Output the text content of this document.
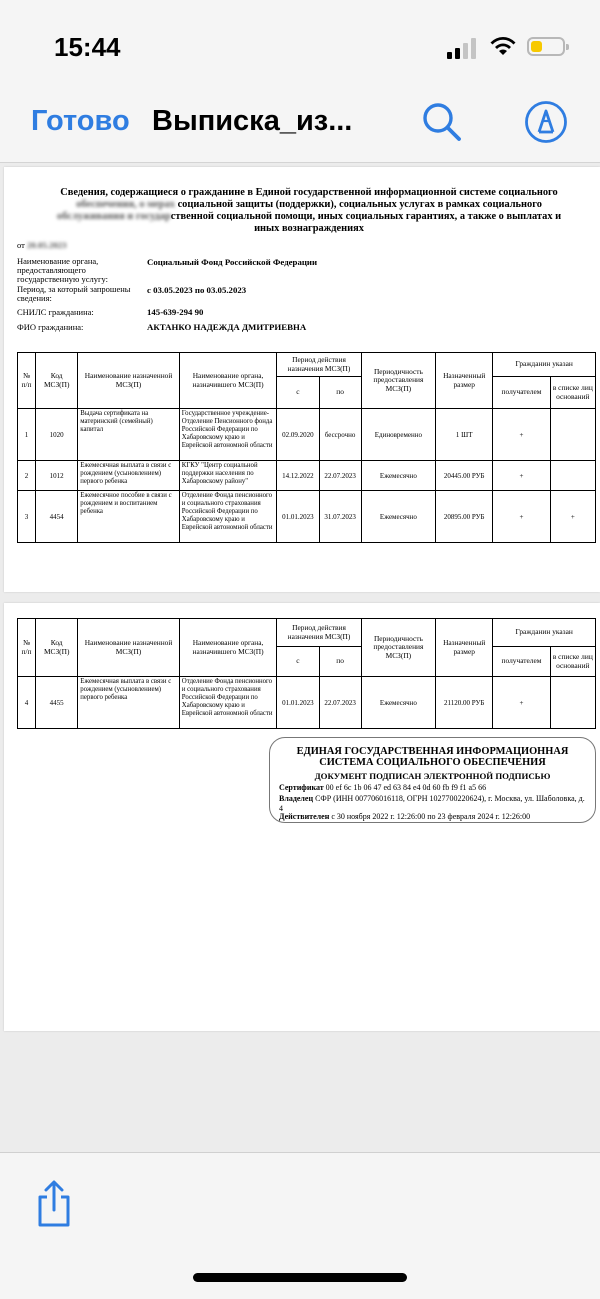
15:44
Готово Выписка_из...
Сведения, содержащиеся о гражданине в Единой государственной информационной системе социального
обеспечения, о мерах социальной защиты (поддержки), социальных услугах в рамках социального
обслуживания и государственной социальной помощи, иных социальных гарантиях, а также о выплатах и
иных вознаграждениях
от 20.05.2023
Наименование органа, предоставляющего государственную услугу:
Социальный Фонд Российской Федерации
Период, за который запрошены сведения:
с 03.05.2023 по 03.05.2023
СНИЛС гражданина:	145-639-294 90
ФИО гражданина:	АКТАНКО НАДЕЖДА ДМИТРИЕВНА
№ п/п	Код МСЗ(П)	Наименование назначенной МСЗ(П)	Наименование органа, назначившего МСЗ(П)	Период действия назначения МСЗ(П)		Периодичность предоставления МСЗ(П)	Назначенный размер	Гражданин указан	
				с	по			получателем	в списке лиц оснований
1	1020	Выдача сертификата на материнский (семейный) капитал	Государственное учреждение-Отделение Пенсионного фонда Российской Федерации по Хабаровскому краю и Еврейской автономной области	02.09.2020	бессрочно	Единовременно	1 ШТ	+	
2	1012	Ежемесячная выплата в связи с рождением (усыновлением) первого ребенка	КГКУ "Центр социальной поддержки населения по Хабаровскому району"	14.12.2022	22.07.2023	Ежемесячно	20445.00 РУБ	+	
3	4454	Ежемесячное пособие в связи с рождением и воспитанием ребенка	Отделение Фонда пенсионного и социального страхования Российской Федерации по Хабаровскому краю и Еврейской автономной области	01.01.2023	31.07.2023	Ежемесячно	20895.00 РУБ	+	+
№ п/п	Код МСЗ(П)	Наименование назначенной МСЗ(П)	Наименование органа, назначившего МСЗ(П)	Период действия назначения МСЗ(П)		Периодичность предоставления МСЗ(П)	Назначенный размер	Гражданин указан	
				с	по			получателем	в списке лиц оснований
4	4455	Ежемесячная выплата в связи с рождением (усыновлением) первого ребенка	Отделение Фонда пенсионного и социального страхования Российской Федерации по Хабаровскому краю и Еврейской автономной области	01.01.2023	22.07.2023	Ежемесячно	21120.00 РУБ	+	
ЕДИНАЯ ГОСУДАРСТВЕННАЯ ИНФОРМАЦИОННАЯ
СИСТЕМА СОЦИАЛЬНОГО ОБЕСПЕЧЕНИЯ
ДОКУМЕНТ ПОДПИСАН ЭЛЕКТРОННОЙ ПОДПИСЬЮ
Сертификат 00 ef 6c 1b 06 47 ed 63 84 e4 0d 60 fb f9 f1 a5 66
Владелец СФР (ИНН 007706016118, ОГРН 1027700220624), г. Москва, ул. Шаболовка, д. 4
Действителен с 30 ноября 2022 г. 12:26:00 по 23 февраля 2024 г. 12:26:00
